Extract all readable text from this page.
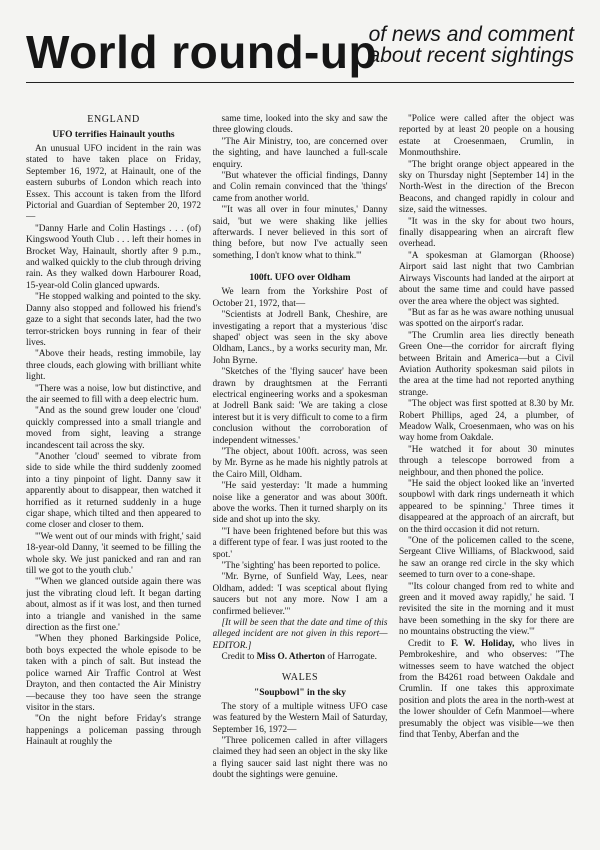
World round-up
of news and comment
about recent sightings
ENGLAND
UFO terrifies Hainault youths

An unusual UFO incident in the rain was stated to have taken place on Friday, September 16, 1972, at Hainault, one of the eastern suburbs of London which reach into Essex. This account is taken from the Ilford Pictorial and Guardian of September 20, 1972—

"Danny Harle and Colin Hastings . . . (of) Kingswood Youth Club . . . left their homes in Brocket Way, Hainault, shortly after 9 p.m., and walked quickly to the club through driving rain. As they walked down Harbourer Road, 15-year-old Colin glanced upwards.

"He stopped walking and pointed to the sky. Danny also stopped and followed his friend's gaze to a sight that seconds later, had the two terror-stricken boys running in fear of their lives.

"Above their heads, resting immobile, lay three clouds, each glowing with brilliant white light.

"There was a noise, low but distinctive, and the air seemed to fill with a deep electric hum.

"And as the sound grew louder one 'cloud' quickly compressed into a small triangle and moved from sight, leaving a strange incandescent tail across the sky.

"Another 'cloud' seemed to vibrate from side to side while the third suddenly zoomed into a tiny pinpoint of light. Danny saw it apparently about to disappear, then watched it horrified as it returned suddenly in a huge cigar shape, which tilted and then appeared to come closer and closer to them.

"'We went out of our minds with fright,' said 18-year-old Danny, 'it seemed to be filling the whole sky. We just panicked and ran and ran till we got to the youth club.'

"'When we glanced outside again there was just the vibrating cloud left. It began darting about, almost as if it was lost, and then turned into a triangle and vanished in the same direction as the first one.'

"When they phoned Barkingside Police, both boys expected the whole episode to be taken with a pinch of salt. But instead the police warned Air Traffic Control at West Drayton, and then contacted the Air Ministry—because they too have seen the strange visitor in the stars.

"On the night before Friday's strange happenings a policeman passing through Hainault at roughly the

same time, looked into the sky and saw the three glowing clouds.

"The Air Ministry, too, are concerned over the sighting, and have launched a full-scale enquiry.

"But whatever the official findings, Danny and Colin remain convinced that the 'things' came from another world.

"'It was all over in four minutes,' Danny said, 'but we were shaking like jellies afterwards. I never believed in this sort of thing before, but now I've actually seen something, I don't know what to think.'"

100ft. UFO over Oldham

We learn from the Yorkshire Post of October 21, 1972, that—

"Scientists at Jodrell Bank, Cheshire, are investigating a report that a mysterious 'disc shaped' object was seen in the sky above Oldham, Lancs., by a works security man, Mr. John Byrne.

"Sketches of the 'flying saucer' have been drawn by draughtsmen at the Ferranti electrical engineering works and a spokesman at Jodrell Bank said: 'We are taking a close interest but it is very difficult to come to a firm conclusion without the corroboration of independent witnesses.'

"The object, about 100ft. across, was seen by Mr. Byrne as he made his nightly patrols at the Cairo Mill, Oldham.

"He said yesterday: 'It made a humming noise like a generator and was about 300ft. above the works. Then it turned sharply on its side and shot up into the sky.

"'I have been frightened before but this was a different type of fear. I was just rooted to the spot.'

"The 'sighting' has been reported to police.

"Mr. Byrne, of Sunfield Way, Lees, near Oldham, added: 'I was sceptical about flying saucers but not any more. Now I am a confirmed believer.'"

[It will be seen that the date and time of this alleged incident are not given in this report—EDITOR.]

Credit to Miss O. Atherton of Harrogate.

WALES
"Soupbowl" in the sky

The story of a multiple witness UFO case was featured by the Western Mail of Saturday, September 16, 1972—

"Three policemen called in after villagers claimed they had seen an object in the sky like a flying saucer said last night there was no doubt the sightings were genuine.

"Police were called after the object was reported by at least 20 people on a housing estate at Croesenmaen, Crumlin, in Monmouthshire.

"The bright orange object appeared in the sky on Thursday night [September 14] in the North-West in the direction of the Brecon Beacons, and changed rapidly in colour and size, said the witnesses.

"It was in the sky for about two hours, finally disappearing when an aircraft flew overhead.

"A spokesman at Glamorgan (Rhoose) Airport said last night that two Cambrian Airways Viscounts had landed at the airport at about the same time and could have passed over the area where the object was sighted.

"But as far as he was aware nothing unusual was spotted on the airport's radar.

"The Crumlin area lies directly beneath Green One—the corridor for aircraft flying between Britain and America—but a Civil Aviation Authority spokesman said pilots in the area at the time had not reported anything strange.

"The object was first spotted at 8.30 by Mr. Robert Phillips, aged 24, a plumber, of Meadow Walk, Croesenmaen, who was on his way home from Oakdale.

"He watched it for about 30 minutes through a telescope borrowed from a neighbour, and then phoned the police.

"He said the object looked like an 'inverted soupbowl with dark rings underneath it which appeared to be spinning.' Three times it disappeared at the approach of an aircraft, but on the third occasion it did not return.

"One of the policemen called to the scene, Sergeant Clive Williams, of Blackwood, said he saw an orange red circle in the sky which seemed to turn over to a cone-shape.

"'Its colour changed from red to white and green and it moved away rapidly,' he said. 'I revisited the site in the morning and it must have been something in the sky for there are no mountains obstructing the view.'"

Credit to F. W. Holiday, who lives in Pembrokeshire, and who observes: "The witnesses seem to have watched the object from the B4261 road between Oakdale and Crumlin. If one takes this approximate position and plots the area in the north-west at the lower shoulder of Cefn Manmoel—where presumably the object was visible—we then find that Tenby, Aberfan and the
